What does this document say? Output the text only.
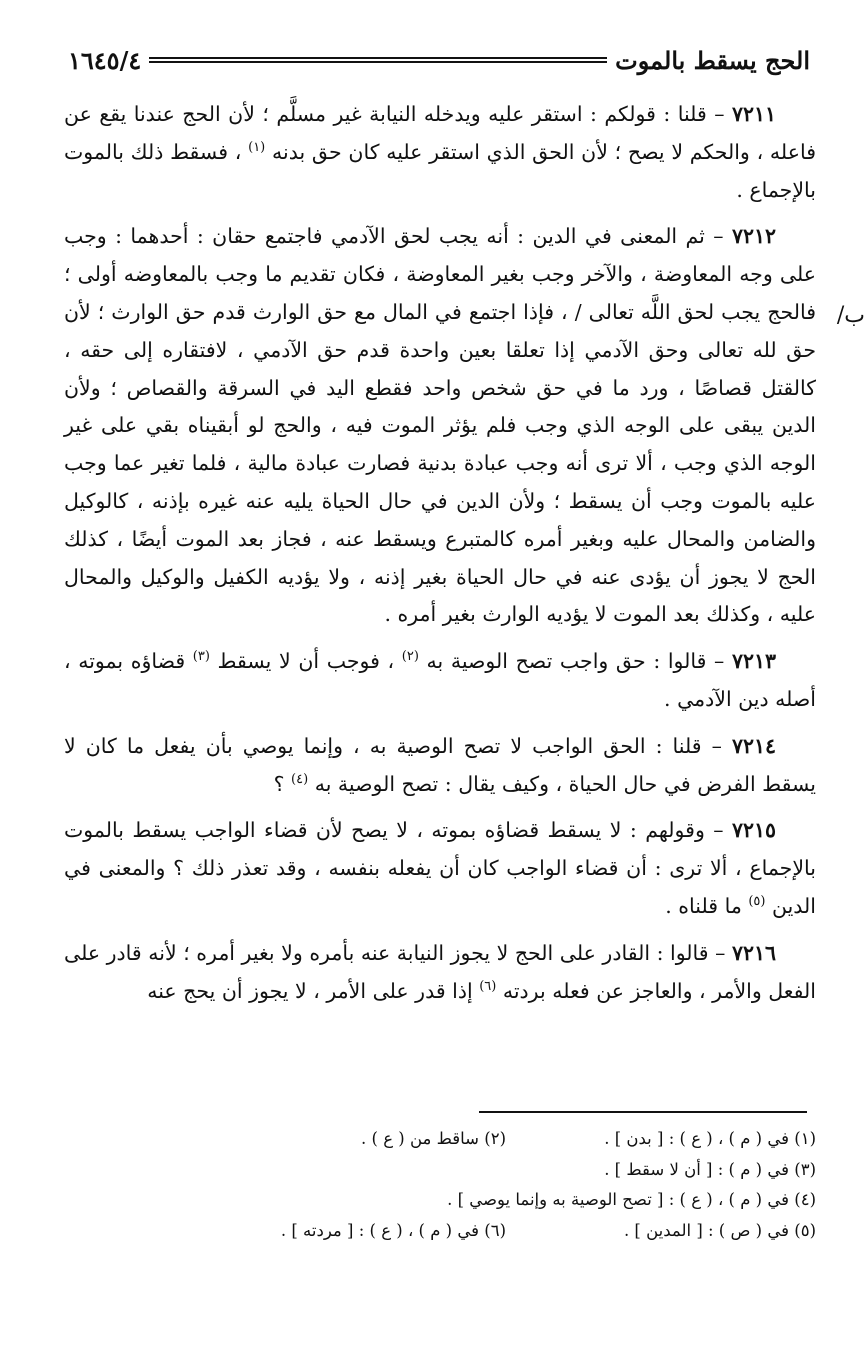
الحج يسقط بالموت
١٦٤٥/٤
/ب

٧٢١١ – قلنا : قولكم : استقر عليه ويدخله النيابة غير مسلَّم ؛ لأن الحج عندنا يقع عن فاعله ، والحكم لا يصح ؛ لأن الحق الذي استقر عليه كان حق بدنه $^{(١)}$ ، فسقط ذلك بالموت بالإجماع .

٧٢١٢ – ثم المعنى في الدين : أنه يجب لحق الآدمي فاجتمع حقان : أحدهما : وجب على وجه المعاوضة ، والآخر وجب بغير المعاوضة ، فكان تقديم ما وجب بالمعاوضه أولى ؛ فالحج يجب لحق اللَّه تعالى / ، فإذا اجتمع في المال مع حق الوارث قدم حق الوارث ؛ لأن حق لله تعالى وحق الآدمي إذا تعلقا بعين واحدة قدم حق الآدمي ، لافتقاره إلى حقه ، كالقتل قصاصًا ، ورد ما في حق شخص واحد فقطع اليد في السرقة والقصاص ؛ ولأن الدين يبقى على الوجه الذي وجب فلم يؤثر الموت فيه ، والحج لو أبقيناه بقي على غير الوجه الذي وجب ، ألا ترى أنه وجب عبادة بدنية فصارت عبادة مالية ، فلما تغير عما وجب عليه بالموت وجب أن يسقط ؛ ولأن الدين في حال الحياة يليه عنه غيره بإذنه ، كالوكيل والضامن والمحال عليه وبغير أمره كالمتبرع ويسقط عنه ، فجاز بعد الموت أيضًا ، كذلك الحج لا يجوز أن يؤدى عنه في حال الحياة بغير إذنه ، ولا يؤديه الكفيل والوكيل والمحال عليه ، وكذلك بعد الموت لا يؤديه الوارث بغير أمره .

٧٢١٣ – قالوا : حق واجب تصح الوصية به $^{(٢)}$ ، فوجب أن لا يسقط $^{(٣)}$ قضاؤه بموته ، أصله دين الآدمي .

٧٢١٤ – قلنا : الحق الواجب لا تصح الوصية به ، وإنما يوصي بأن يفعل ما كان لا يسقط الفرض في حال الحياة ، وكيف يقال : تصح الوصية به $^{(٤)}$ ؟

٧٢١٥ – وقولهم : لا يسقط قضاؤه بموته ، لا يصح لأن قضاء الواجب يسقط بالموت بالإجماع ، ألا ترى : أن قضاء الواجب كان أن يفعله بنفسه ، وقد تعذر ذلك ؟ والمعنى في الدين $^{(٥)}$ ما قلناه .

٧٢١٦ – قالوا : القادر على الحج لا يجوز النيابة عنه بأمره ولا بغير أمره ؛ لأنه قادر على الفعل والأمر ، والعاجز عن فعله بردته $^{(٦)}$ إذا قدر على الأمر ، لا يجوز أن يحج عنه

(١) في ( م ) ، ( ع ) : [ بدن ] .
(٢) ساقط من ( ع ) .
(٣) في ( م ) : [ أن لا سقط ] .
(٤) في ( م ) ، ( ع ) : [ تصح الوصية به وإنما يوصي ] .
(٥) في ( ص ) : [ المدين ] .
(٦) في ( م ) ، ( ع ) : [ مردته ] .
